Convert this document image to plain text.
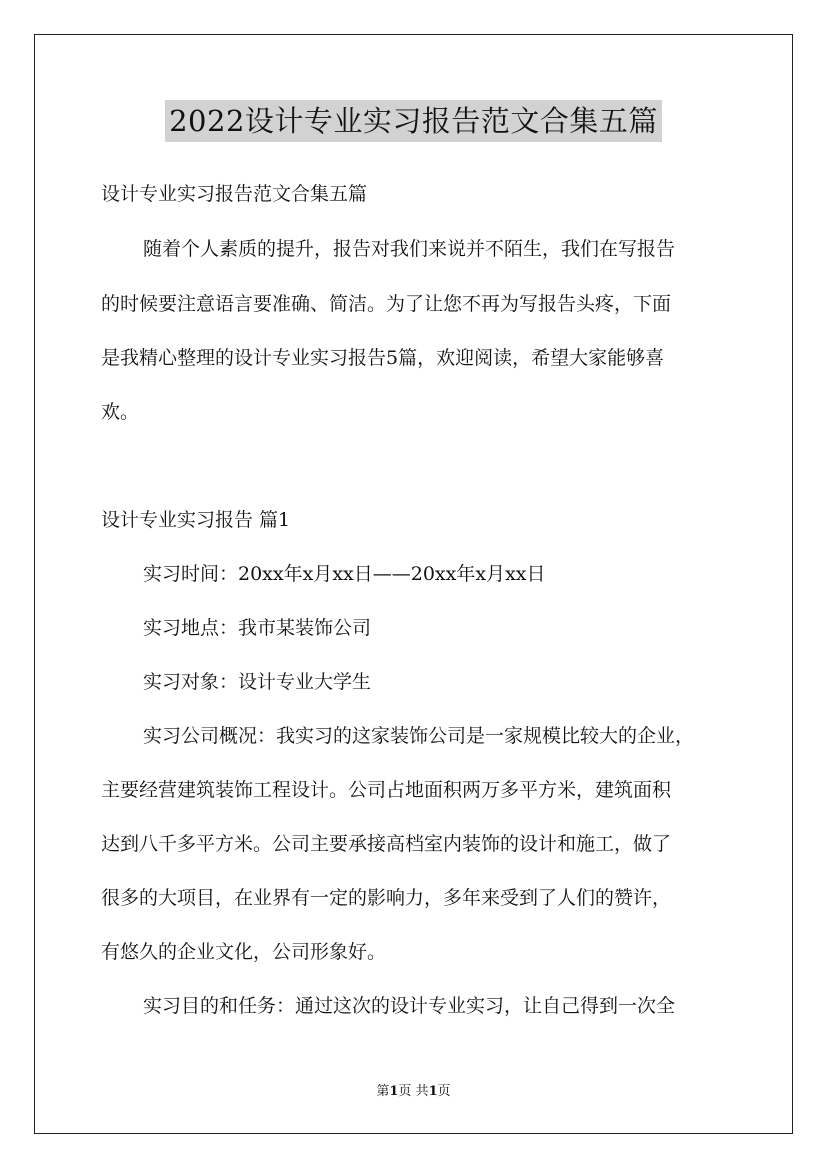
2022设计专业实习报告范文合集五篇
设计专业实习报告范文合集五篇
随着个人素质的提升，报告对我们来说并不陌生，我们在写报告
的时候要注意语言要准确、简洁。为了让您不再为写报告头疼，下面
是我精心整理的设计专业实习报告5篇，欢迎阅读，希望大家能够喜
欢。
设计专业实习报告 篇1
实习时间：20xx年x月xx日——20xx年x月xx日
实习地点：我市某装饰公司
实习对象：设计专业大学生
实习公司概况：我实习的这家装饰公司是一家规模比较大的企业，
主要经营建筑装饰工程设计。公司占地面积两万多平方米，建筑面积
达到八千多平方米。公司主要承接高档室内装饰的设计和施工，做了
很多的大项目，在业界有一定的影响力，多年来受到了人们的赞许，
有悠久的企业文化，公司形象好。
实习目的和任务：通过这次的设计专业实习，让自己得到一次全
第1页 共1页
